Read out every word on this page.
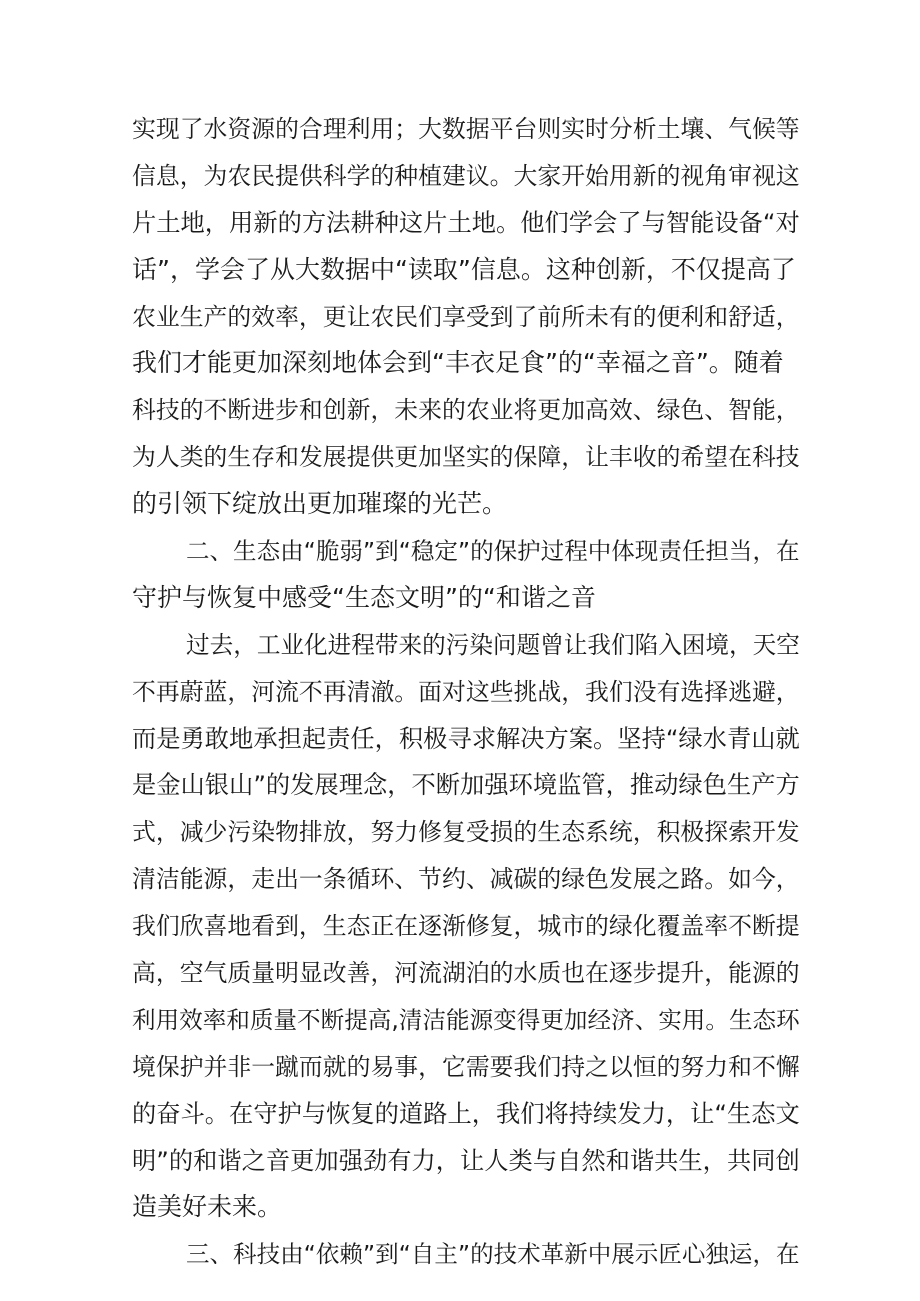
实现了水资源的合理利用；大数据平台则实时分析土壤、气候等
信息，为农民提供科学的种植建议。大家开始用新的视角审视这
片土地，用新的方法耕种这片土地。他们学会了与智能设备“对
话”，学会了从大数据中“读取”信息。这种创新，不仅提高了
农业生产的效率，更让农民们享受到了前所未有的便利和舒适，
我们才能更加深刻地体会到“丰衣足食”的“幸福之音”。随着
科技的不断进步和创新，未来的农业将更加高效、绿色、智能，
为人类的生存和发展提供更加坚实的保障，让丰收的希望在科技
的引领下绽放出更加璀璨的光芒。
二、生态由“脆弱”到“稳定”的保护过程中体现责任担当，在
守护与恢复中感受“生态文明”的“和谐之音
过去，工业化进程带来的污染问题曾让我们陷入困境，天空
不再蔚蓝，河流不再清澈。面对这些挑战，我们没有选择逃避，
而是勇敢地承担起责任，积极寻求解决方案。坚持“绿水青山就
是金山银山”的发展理念，不断加强环境监管，推动绿色生产方
式，减少污染物排放，努力修复受损的生态系统，积极探索开发
清洁能源，走出一条循环、节约、减碳的绿色发展之路。如今，
我们欣喜地看到，生态正在逐渐修复，城市的绿化覆盖率不断提
高，空气质量明显改善，河流湖泊的水质也在逐步提升，能源的
利用效率和质量不断提高,清洁能源变得更加经济、实用。生态环
境保护并非一蹴而就的易事，它需要我们持之以恒的努力和不懈
的奋斗。在守护与恢复的道路上，我们将持续发力，让“生态文
明”的和谐之音更加强劲有力，让人类与自然和谐共生，共同创
造美好未来。
三、科技由“依赖”到“自主”的技术革新中展示匠心独运，在
